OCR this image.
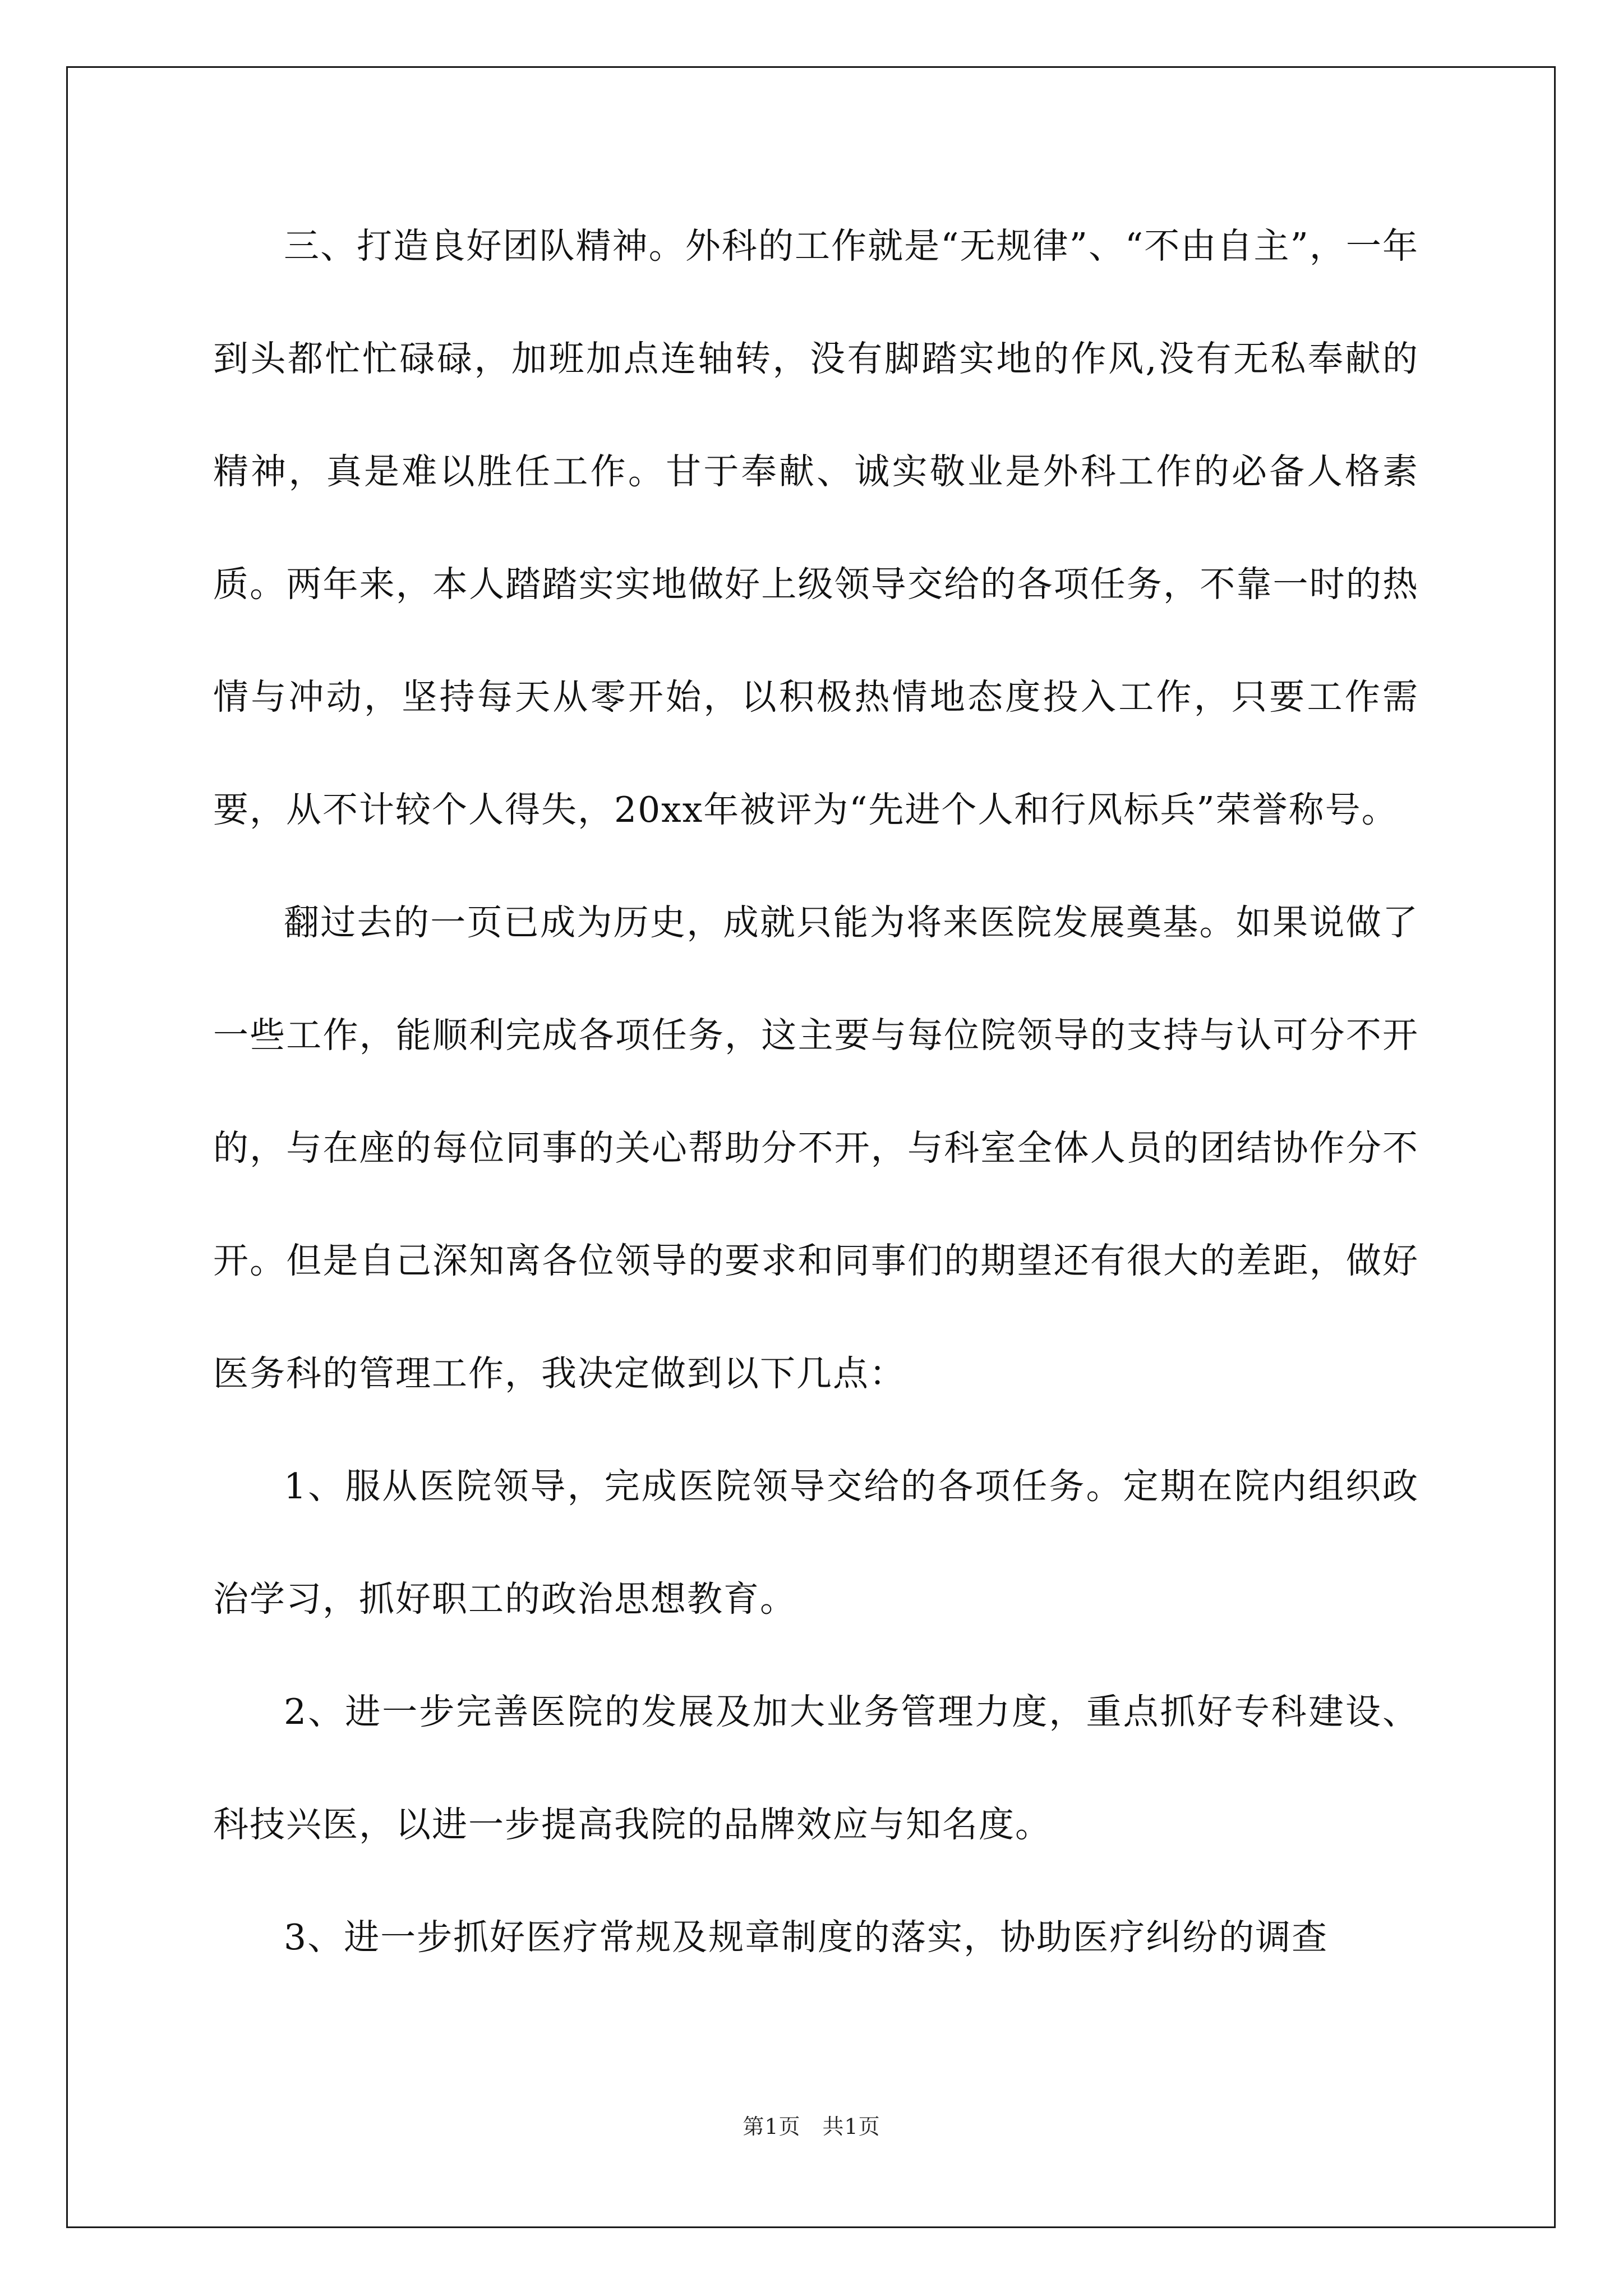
三、打造良好团队精神。外科的工作就是“无规律”、“不由自主”，一年到头都忙忙碌碌，加班加点连轴转，没有脚踏实地的作风,没有无私奉献的精神，真是难以胜任工作。甘于奉献、诚实敬业是外科工作的必备人格素质。两年来，本人踏踏实实地做好上级领导交给的各项任务，不靠一时的热情与冲动，坚持每天从零开始，以积极热情地态度投入工作，只要工作需要，从不计较个人得失，20xx年被评为“先进个人和行风标兵”荣誉称号。

翻过去的一页已成为历史，成就只能为将来医院发展奠基。如果说做了一些工作，能顺利完成各项任务，这主要与每位院领导的支持与认可分不开的，与在座的每位同事的关心帮助分不开，与科室全体人员的团结协作分不开。但是自己深知离各位领导的要求和同事们的期望还有很大的差距，做好医务科的管理工作，我决定做到以下几点：

1、服从医院领导，完成医院领导交给的各项任务。定期在院内组织政治学习，抓好职工的政治思想教育。

2、进一步完善医院的发展及加大业务管理力度，重点抓好专科建设、科技兴医，以进一步提高我院的品牌效应与知名度。

3、进一步抓好医疗常规及规章制度的落实，协助医疗纠纷的调查

第1页　共1页
